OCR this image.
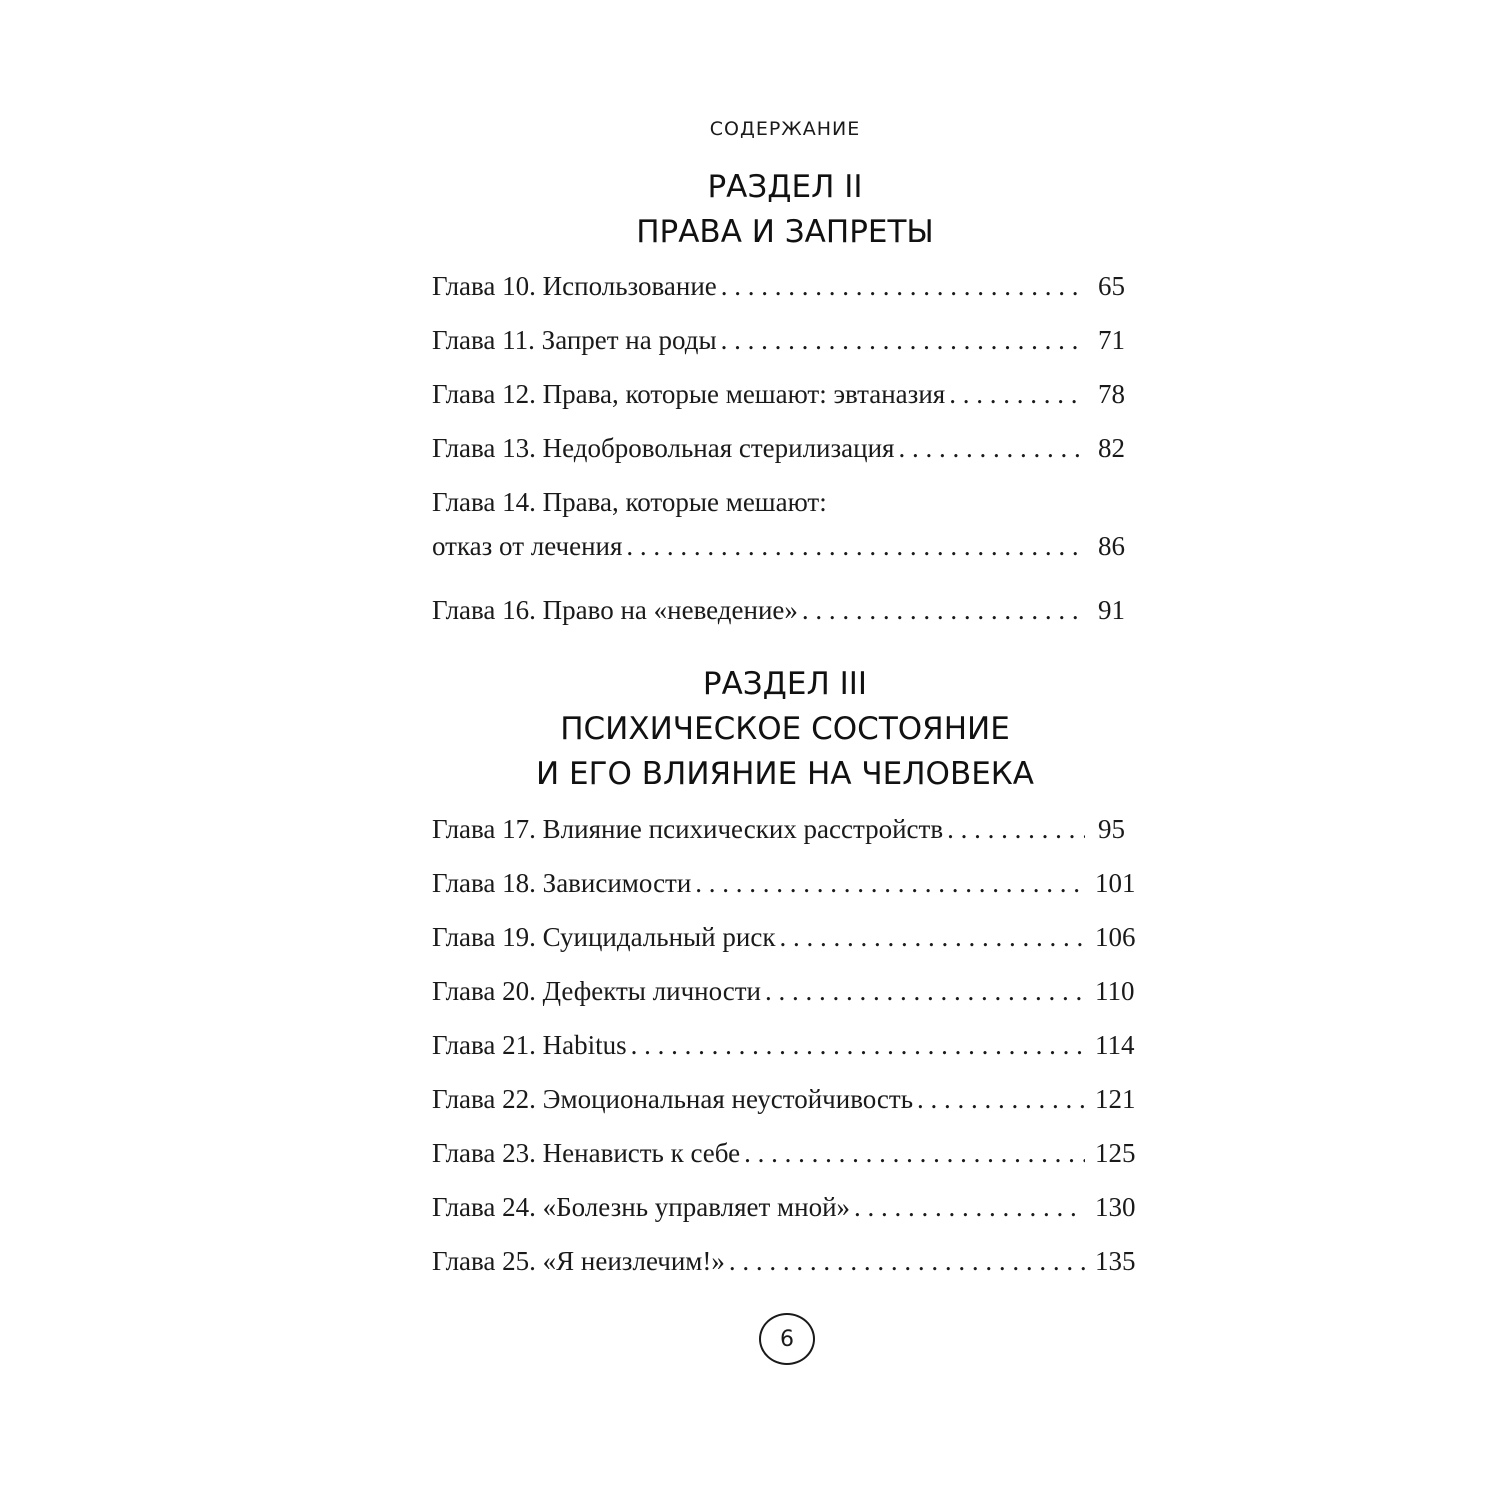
СОДЕРЖАНИЕ
РАЗДЕЛ II
ПРАВА И ЗАПРЕТЫ
Глава 10. Использование . . .	65
Глава 11. Запрет на роды . . .	71
Глава 12. Права, которые мешают: эвтаназия . . .	78
Глава 13. Недобровольная стерилизация . . .	82
Глава 14. Права, которые мешают:
отказ от лечения . . .	86
Глава 16. Право на «неведение» . . .	91
РАЗДЕЛ III
ПСИХИЧЕСКОЕ СОСТОЯНИЕ
И ЕГО ВЛИЯНИЕ НА ЧЕЛОВЕКА
Глава 17. Влияние психических расстройств . . .	95
Глава 18. Зависимости . . .	101
Глава 19. Суицидальный риск . . .	106
Глава 20. Дефекты личности . . .	110
Глава 21. Habitus . . .	114
Глава 22. Эмоциональная неустойчивость . . .	121
Глава 23. Ненависть к себе . . .	125
Глава 24. «Болезнь управляет мной» . . .	130
Глава 25. «Я неизлечим!» . . .	135
6
